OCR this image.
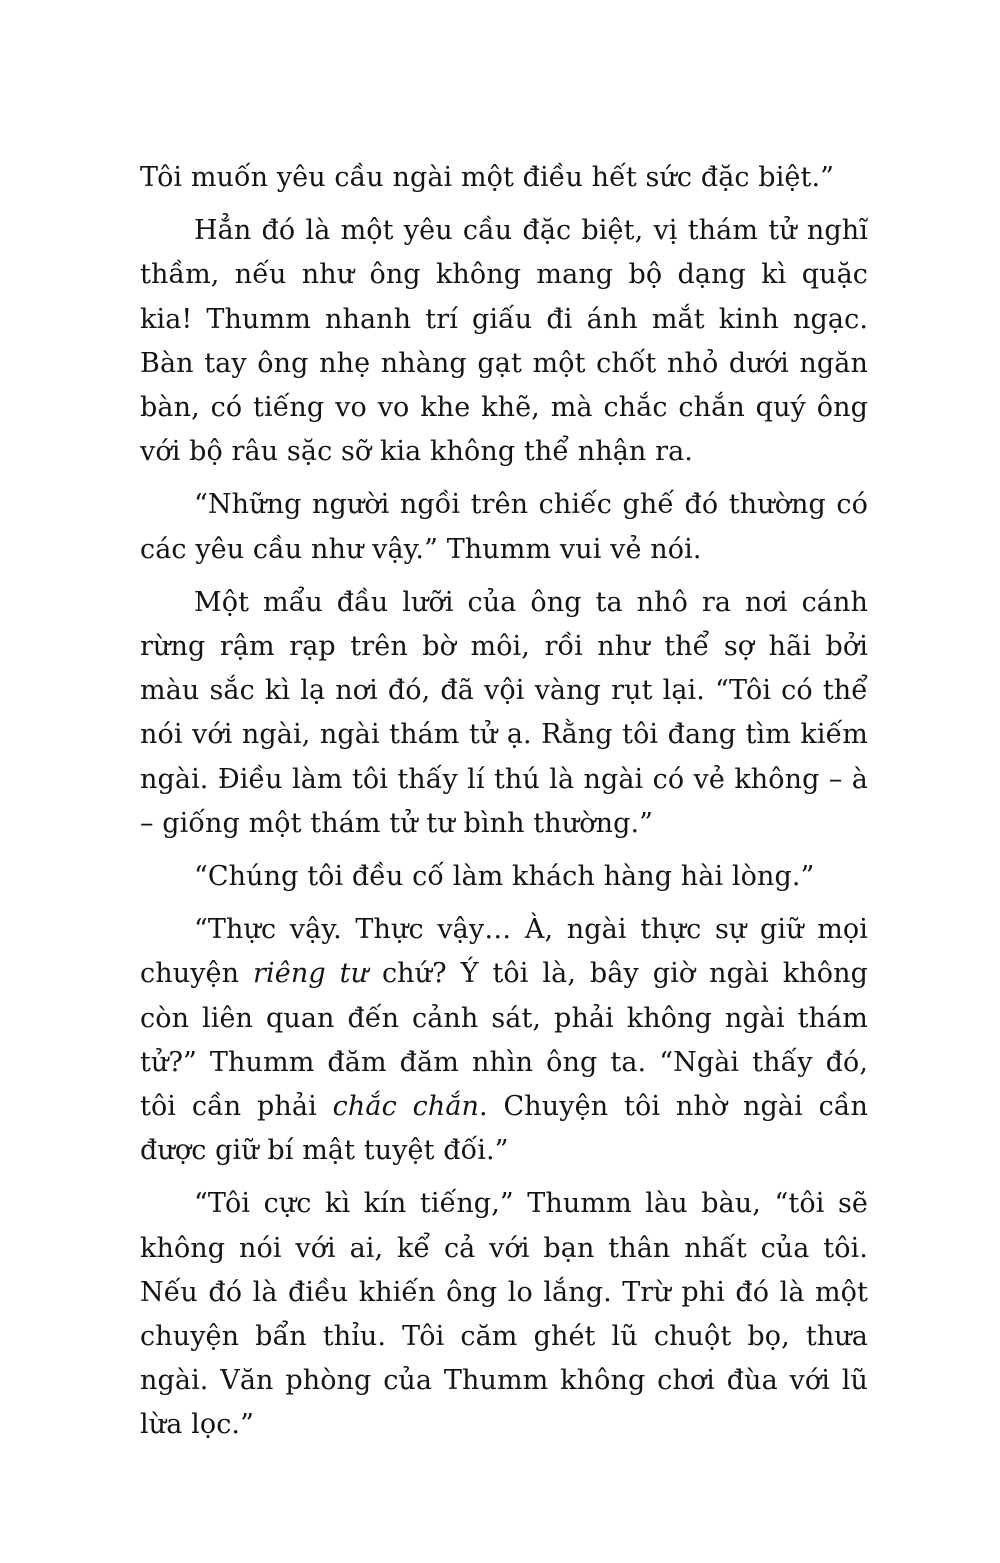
Tôi muốn yêu cầu ngài một điều hết sức đặc biệt.”

Hẳn đó là một yêu cầu đặc biệt, vị thám tử nghĩ thầm, nếu như ông không mang bộ dạng kì quặc kia! Thumm nhanh trí giấu đi ánh mắt kinh ngạc. Bàn tay ông nhẹ nhàng gạt một chốt nhỏ dưới ngăn bàn, có tiếng vo vo khe khẽ, mà chắc chắn quý ông với bộ râu sặc sỡ kia không thể nhận ra.

“Những người ngồi trên chiếc ghế đó thường có các yêu cầu như vậy.” Thumm vui vẻ nói.

Một mẩu đầu lưỡi của ông ta nhô ra nơi cánh rừng rậm rạp trên bờ môi, rồi như thể sợ hãi bởi màu sắc kì lạ nơi đó, đã vội vàng rụt lại. “Tôi có thể nói với ngài, ngài thám tử ạ. Rằng tôi đang tìm kiếm ngài. Điều làm tôi thấy lí thú là ngài có vẻ không – à – giống một thám tử tư bình thường.”

“Chúng tôi đều cố làm khách hàng hài lòng.”

“Thực vậy. Thực vậy… À, ngài thực sự giữ mọi chuyện riêng tư chứ? Ý tôi là, bây giờ ngài không còn liên quan đến cảnh sát, phải không ngài thám tử?” Thumm đăm đăm nhìn ông ta. “Ngài thấy đó, tôi cần phải chắc chắn. Chuyện tôi nhờ ngài cần được giữ bí mật tuyệt đối.”

“Tôi cực kì kín tiếng,” Thumm làu bàu, “tôi sẽ không nói với ai, kể cả với bạn thân nhất của tôi. Nếu đó là điều khiến ông lo lắng. Trừ phi đó là một chuyện bẩn thỉu. Tôi căm ghét lũ chuột bọ, thưa ngài. Văn phòng của Thumm không chơi đùa với lũ lừa lọc.”
